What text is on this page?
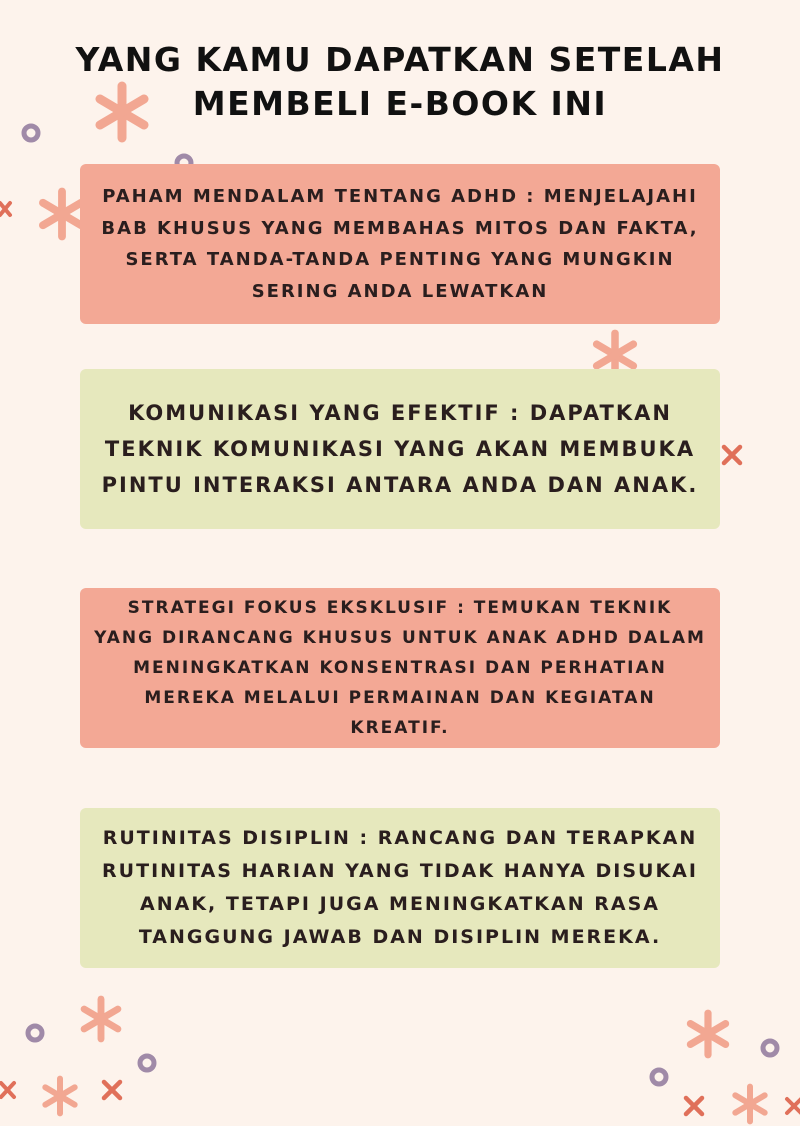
YANG KAMU DAPATKAN SETELAH
MEMBELI E-BOOK INI
PAHAM MENDALAM TENTANG ADHD : MENJELAJAHI BAB KHUSUS YANG MEMBAHAS MITOS DAN FAKTA, SERTA TANDA-TANDA PENTING YANG MUNGKIN SERING ANDA LEWATKAN
KOMUNIKASI YANG EFEKTIF : DAPATKAN TEKNIK KOMUNIKASI YANG AKAN MEMBUKA PINTU INTERAKSI ANTARA ANDA DAN ANAK.
STRATEGI FOKUS EKSKLUSIF : TEMUKAN TEKNIK YANG DIRANCANG KHUSUS UNTUK ANAK ADHD DALAM MENINGKATKAN KONSENTRASI DAN PERHATIAN MEREKA MELALUI PERMAINAN DAN KEGIATAN KREATIF.
RUTINITAS DISIPLIN : RANCANG DAN TERAPKAN RUTINITAS HARIAN YANG TIDAK HANYA DISUKAI ANAK, TETAPI JUGA MENINGKATKAN RASA TANGGUNG JAWAB DAN DISIPLIN MEREKA.
